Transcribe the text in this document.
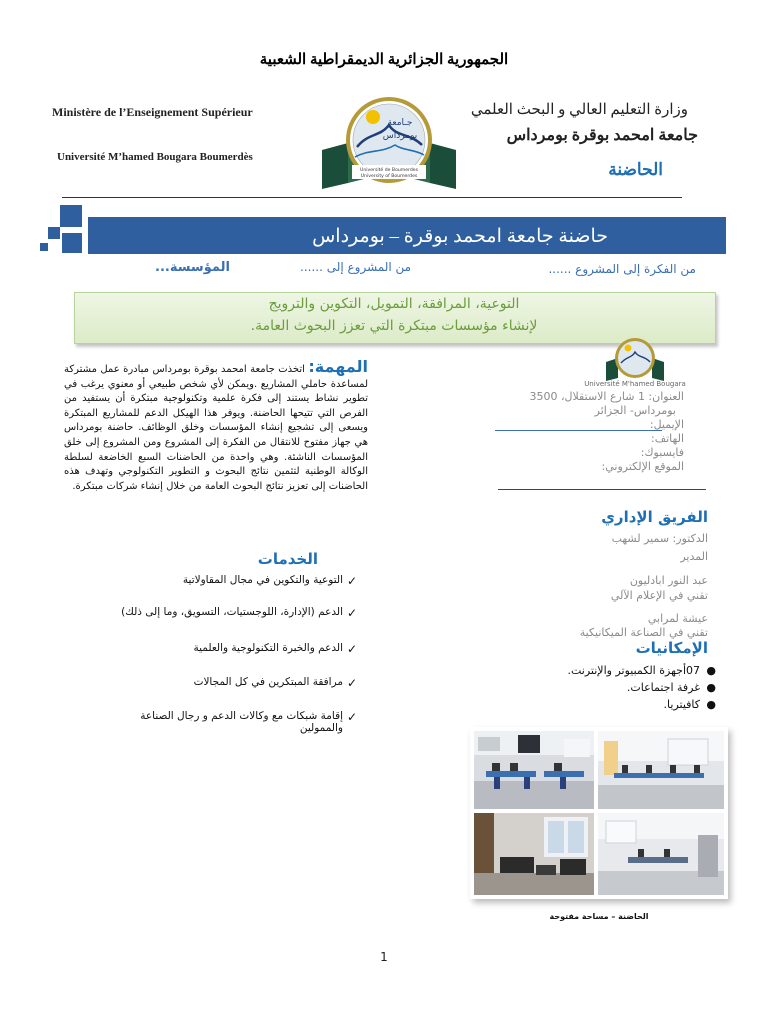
الجمهورية الجزائرية الديمقراطية الشعبية
Ministère de l’Enseignement Supérieur
Université M’hamed Bougara Boumerdès
وزارة التعليم العالي و البحث العلمي
جامعة امحمد بوقرة بومرداس
الحاضنة
جـامعة
بومرداس
Université de Boumerdes
University of Boumerdes
حاضنة جامعة امحمد بوقرة – بومرداس
من الفكرة إلى المشروع ......
من المشروع إلى ......
المؤسسة...
التوعية، المرافقة، التمويل، التكوين والترويج
لإنشاء مؤسسات مبتكرة التي تعزز البحوث العامة.
المهمة: اتخذت جامعة امحمد بوقرة بومرداس مبادرة عمل مشتركة لمساعدة حاملي المشاريع .ويمكن لأي شخص طبيعي أو معنوي يرغب في تطوير نشاط يستند إلى فكرة علمية وتكنولوجية مبتكرة أن يستفيد من الفرص التي تتيحها الحاضنة. ويوفر هذا الهيكل الدعم للمشاريع المبتكرة ويسعى إلى تشجيع إنشاء المؤسسات وخلق الوظائف. حاضنة بومرداس هي جهاز مفتوح للانتقال من الفكرة إلى المشروع ومن المشروع إلى خلق المؤسسات الناشئة. وهي واحدة من الحاضنات السبع الخاضعة لسلطة الوكالة الوطنية لتثمين نتائج البحوث و التطوير التكنولوجي وتهدف هذه الحاضنات إلى تعزيز نتائج البحوث العامة من خلال إنشاء شركات مبتكرة.
الخدمات
✓
التوعية والتكوين في مجال المقاولاتية
✓
الدعم (الإدارة، اللوجستيات، التسويق، وما إلى ذلك)
✓
الدعم والخبرة التكنولوجية والعلمية
✓
مرافقة المبتكرين في كل المجالات
✓
إقامة شبكات مع وكالات الدعم و رجال الصناعة والممولين
Université M'hamed Bougara
العنوان: 1 شارع الاستقلال، 3500
بومرداس- الجزائر
الإيميل:
الهاتف:
فايسبوك:
الموقع الإلكتروني:
الفريق الإداري
الدكتور: سمير لشهب
المدير
عبد النور ابادليون
تقني في الإعلام الآلي
عيشة لمرابي
تقني في الصناعة الميكانيكية
الإمكانيات
●
07أجهزة الكمبيوتر والإنترنت.
●
غرفة اجتماعات.
●
كافيتريا.
الحاضنة – مساحة مفتوحة
1
